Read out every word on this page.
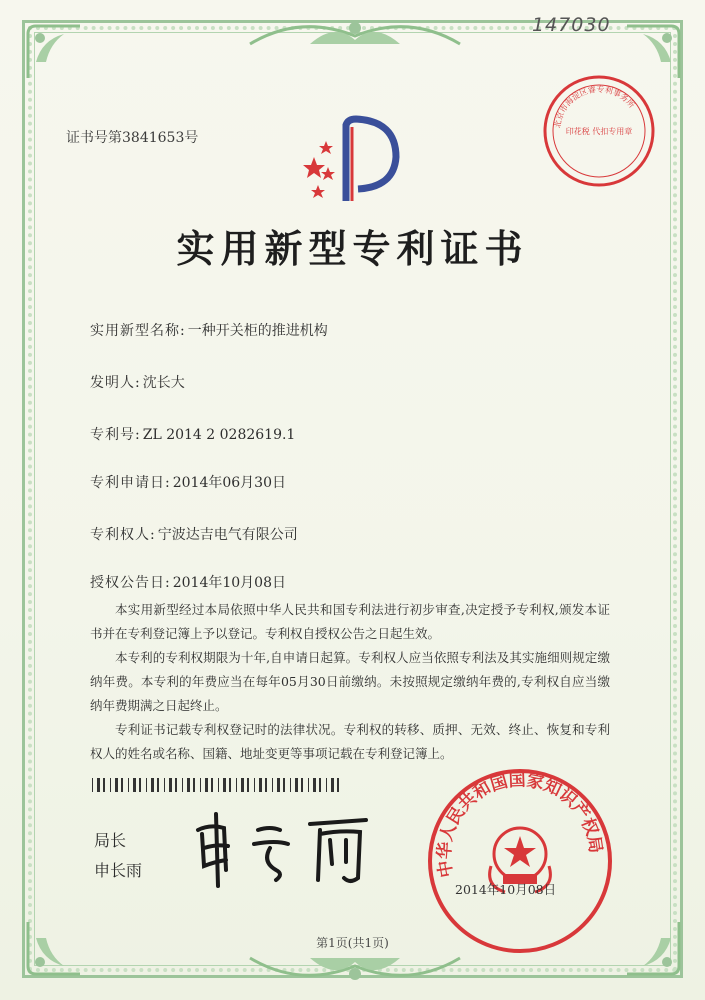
147030
证书号第3841653号
北京市海淀区睿专利事务所
印花税 代扣专用章
实用新型专利证书
实用新型名称: 一种开关柜的推进机构
发明人: 沈长大
专利号: ZL 2014 2 0282619.1
专利申请日: 2014年06月30日
专利权人: 宁波达吉电气有限公司
授权公告日: 2014年10月08日

本实用新型经过本局依照中华人民共和国专利法进行初步审查,决定授予专利权,颁发本证书并在专利登记簿上予以登记。专利权自授权公告之日起生效。

本专利的专利权期限为十年,自申请日起算。专利权人应当依照专利法及其实施细则规定缴纳年费。本专利的年费应当在每年05月30日前缴纳。未按照规定缴纳年费的,专利权自应当缴纳年费期满之日起终止。

专利证书记载专利权登记时的法律状况。专利权的转移、质押、无效、终止、恢复和专利权人的姓名或名称、国籍、地址变更等事项记载在专利登记簿上。

局长
申长雨	中华人民共和国国家知识产权局
2014年10月08日
第1页(共1页)
